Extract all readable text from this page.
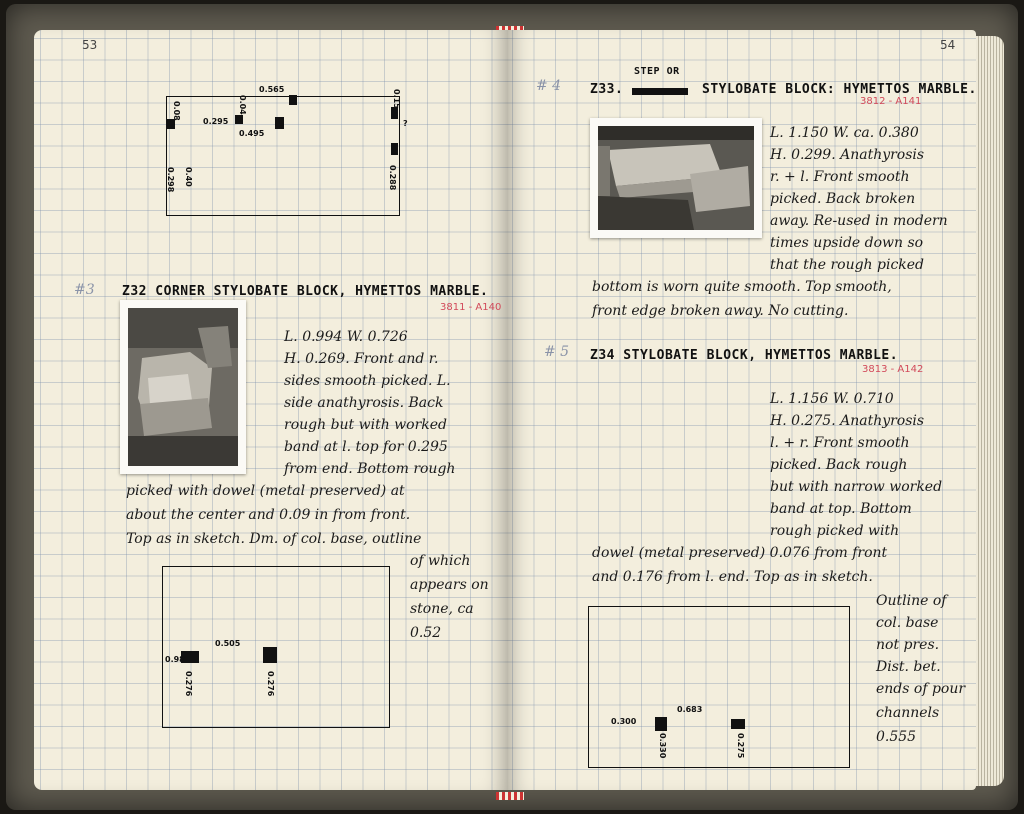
53
0.565
0.295
0.495
?
0.298 0.40	0.288
0.08	0.04	0.15
#3 Z32 CORNER STYLOBATE BLOCK, HYMETTOS MARBLE.
3811 - A140
L. 0.994 W. 0.726
H. 0.269. Front and r.
sides smooth picked. L.
side anathyrosis. Back
rough but with worked
band at l. top for 0.295
from end. Bottom rough
picked with dowel (metal preserved) at
about the center and 0.09 in from front.
Top as in sketch. Dm. of col. base, outline
of which
appears on
stone, ca
0.52
0.98
0.505
0.276	0.276
54
# 4 Z33.
STEP OR
STYLOBATE BLOCK: HYMETTOS MARBLE.
3812 - A141
L. 1.150 W. ca. 0.380
H. 0.299. Anathyrosis
r. + l. Front smooth
picked. Back broken
away. Re-used in modern
times upside down so
that the rough picked
bottom is worn quite smooth. Top smooth,
front edge broken away. No cutting.
# 5 Z34 STYLOBATE BLOCK, HYMETTOS MARBLE.
3813 - A142
L. 1.156 W. 0.710
H. 0.275. Anathyrosis
l. + r. Front smooth
picked. Back rough
but with narrow worked
band at top. Bottom
rough picked with
dowel (metal preserved) 0.076 from front
and 0.176 from l. end. Top as in sketch.
Outline of
col. base
not pres.
Dist. bet.
ends of pour
channels
0.555
0.300
0.683
0.330	0.275
